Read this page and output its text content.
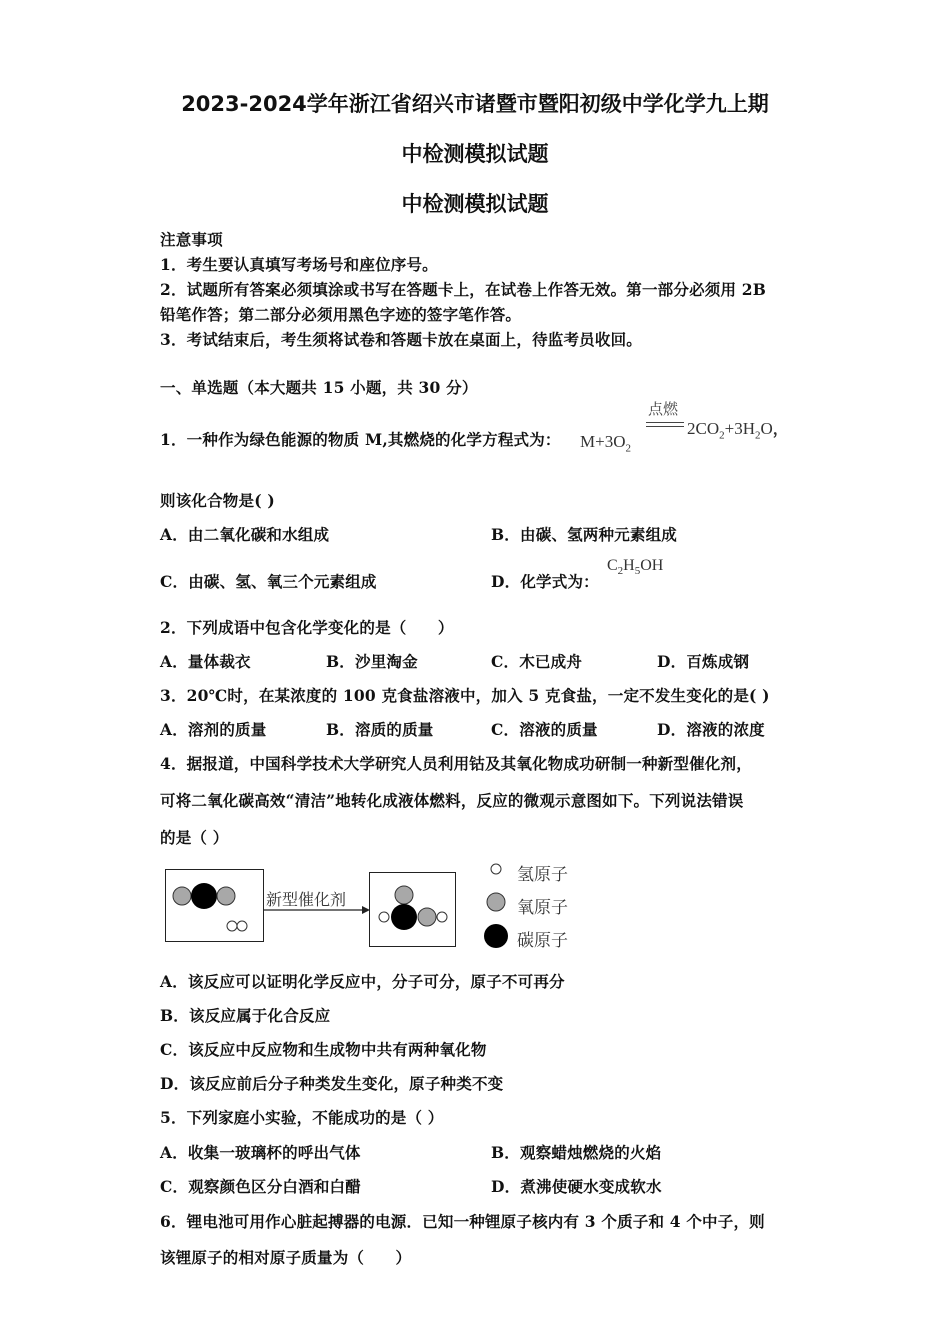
2023-2024学年浙江省绍兴市诸暨市暨阳初级中学化学九上期
中检测模拟试题
中检测模拟试题
注意事项
1．考生要认真填写考场号和座位序号。
2．试题所有答案必须填涂或书写在答题卡上，在试卷上作答无效。第一部分必须用 2B
铅笔作答；第二部分必须用黑色字迹的签字笔作答。
3．考试结束后，考生须将试卷和答题卡放在桌面上，待监考员收回。
一、单选题（本大题共 15 小题，共 30 分）
1．一种作为绿色能源的物质 M,其燃烧的化学方程式为： $M+3O_2$
点燃
$2CO_2+3H_2O$，
则该化合物是( )
A．由二氧化碳和水组成	B．由碳、氢两种元素组成
C．由碳、氢、氧三个元素组成	D．化学式为：
$C_2H_5OH$
2．下列成语中包含化学变化的是（　　）
A．量体裁衣	B．沙里淘金	C．木已成舟	D．百炼成钢
3．20℃时，在某浓度的 100 克食盐溶液中，加入 5 克食盐，一定不发生变化的是( )
A．溶剂的质量	B．溶质的质量	C．溶液的质量	D．溶液的浓度
4．据报道，中国科学技术大学研究人员利用钴及其氧化物成功研制一种新型催化剂，
可将二氧化碳高效“清洁”地转化成液体燃料，反应的微观示意图如下。下列说法错误
的是（ ）
新型催化剂
氢原子
氧原子
碳原子
A．该反应可以证明化学反应中，分子可分，原子不可再分
B．该反应属于化合反应
C．该反应中反应物和生成物中共有两种氧化物
D．该反应前后分子种类发生变化，原子种类不变
5．下列家庭小实验，不能成功的是（ ）
A．收集一玻璃杯的呼出气体	B．观察蜡烛燃烧的火焰
C．观察颜色区分白酒和白醋	D．煮沸使硬水变成软水
6．锂电池可用作心脏起搏器的电源．已知一种锂原子核内有 3 个质子和 4 个中子，则
该锂原子的相对原子质量为（　　）
